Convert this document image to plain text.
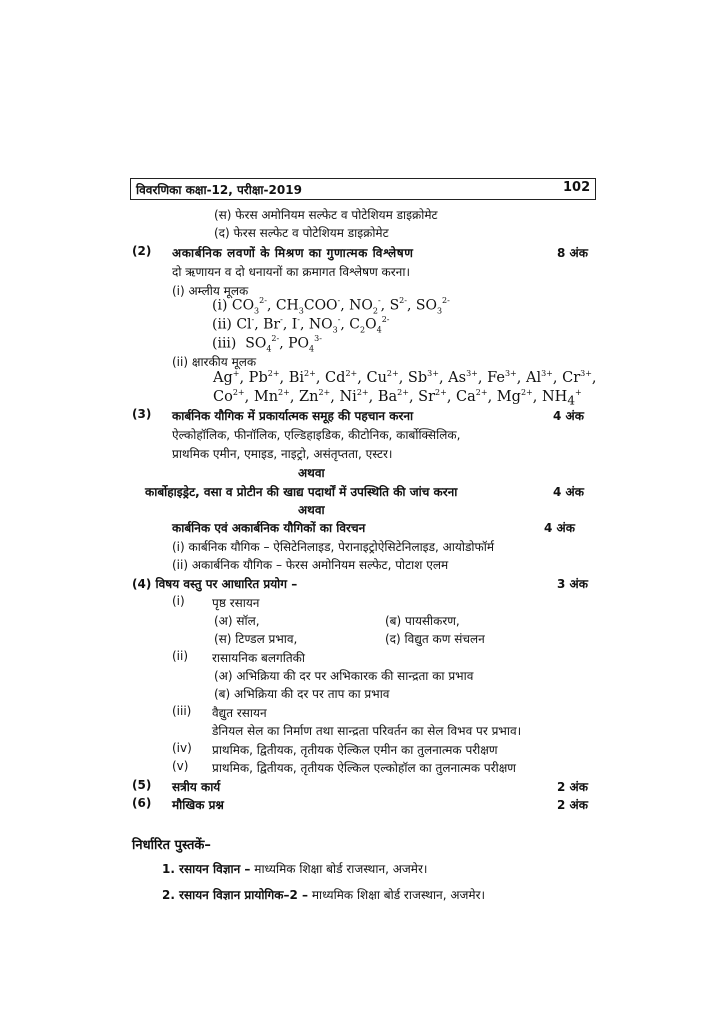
विवरणिका कक्षा-12, परीक्षा-2019	102
(स) फेरस अमोनियम सल्फेट व पोटेशियम डाइक्रोमेट
(द) फेरस सल्फेट व पोटेशियम डाइक्रोमेट
(2) अकार्बनिक लवणों के मिश्रण का गुणात्मक विश्लेषण	8 अंक
दो ऋणायन व दो धनायनों का क्रमागत विश्लेषण करना।
(i) अम्लीय मूलक
(i) $CO_3^{2-}$, $CH_3COO^-$, $NO_2^-$, $S^{2-}$, $SO_3^{2-}$
(ii) Cl-, Br-, I-, $NO_3^-$, $C_2O_4^{2-}$
(iii)  $SO_4^{2-}$, $PO_4^{3-}$
(ii) क्षारकीय मूलक
Ag+, $Pb^{2+}$, $Bi^{2+}$, $Cd^{2+}$, $Cu^{2+}$, $Sb^{3+}$, $As^{3+}$, $Fe^{3+}$, $Al^{3+}$, $Cr^{3+}$,
$Co^{2+}$, $Mn^{2+}$, $Zn^{2+}$, $Ni^{2+}$, $Ba^{2+}$, $Sr^{2+}$, $Ca^{2+}$, $Mg^{2+}$, $NH_4^+$
(3) कार्बनिक यौगिक में प्रकार्यात्मक समूह की पहचान करना	4 अंक
ऐल्कोहॉलिक, फीनॉलिक, एल्डिहाइडिक, कीटोनिक, कार्बोक्सिलिक,
प्राथमिक एमीन, एमाइड, नाइट्रो, असंतृप्तता, एस्टर।
अथवा
कार्बोहाइड्रेट, वसा व प्रोटीन की खाद्य पदार्थों में उपस्थिति की जांच करना	4 अंक
अथवा
कार्बनिक एवं अकार्बनिक यौगिकों का विरचन	4 अंक
(i) कार्बनिक यौगिक – ऐसिटेनिलाइड, पेरानाइट्रोऐसिटेनिलाइड, आयोडोफॉर्म
(ii) अकार्बनिक यौगिक – फेरस अमोनियम सल्फेट, पोटाश एलम
(4) विषय वस्तु पर आधारित प्रयोग –	3 अंक
(i) पृष्ठ रसायन
(अ) सॉल,	(ब) पायसीकरण,
(स) टिण्डल प्रभाव,	(द) विद्युत कण संचलन
(ii) रासायनिक बलगतिकी
(अ) अभिक्रिया की दर पर अभिकारक की सान्द्रता का प्रभाव
(ब) अभिक्रिया की दर पर ताप का प्रभाव
(iii) वैद्युत रसायन
डेनियल सेल का निर्माण तथा सान्द्रता परिवर्तन का सेल विभव पर प्रभाव।
(iv) प्राथमिक, द्वितीयक, तृतीयक ऐल्किल एमीन का तुलनात्मक परीक्षण
(v) प्राथमिक, द्वितीयक, तृतीयक ऐल्किल एल्कोहॉल का तुलनात्मक परीक्षण
(5) सत्रीय कार्य	2 अंक
(6) मौखिक प्रश्न	2 अंक
निर्धारित पुस्तकें–
1. रसायन विज्ञान – माध्यमिक शिक्षा बोर्ड राजस्थान, अजमेर।
2. रसायन विज्ञान प्रायोगिक–2 – माध्यमिक शिक्षा बोर्ड राजस्थान, अजमेर।
